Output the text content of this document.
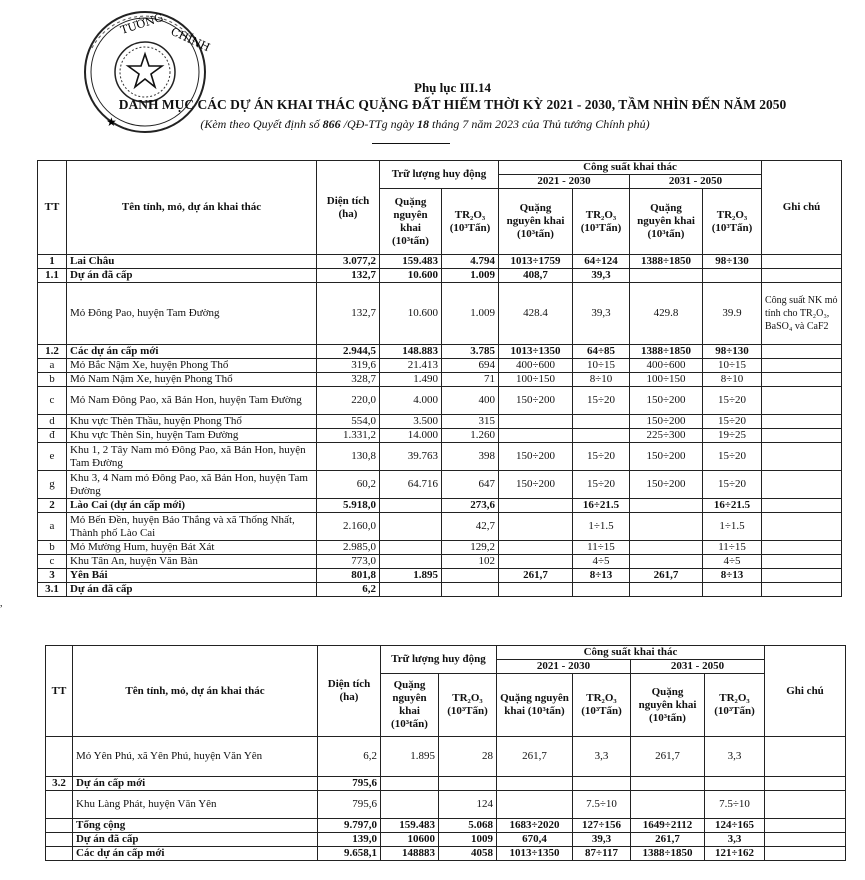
TƯỚNG
CHÍNH
★
Phụ lục III.14
DANH MỤC CÁC DỰ ÁN KHAI THÁC QUẶNG ĐẤT HIẾM THỜI KỲ 2021 - 2030, TẦM NHÌN ĐẾN NĂM 2050
(Kèm theo Quyết định số 866 /QĐ-TTg ngày 18 tháng 7 năm 2023 của Thủ tướng Chính phủ)
TT	Tên tỉnh, mỏ, dự án khai thác	Diện tích (ha)	Trữ lượng huy động		Công suất khai thác				Ghi chú
					2021 - 2030		2031 - 2050		
			Quặng nguyên khai (10³tấn)	TR₂O₃ (10³Tấn)	Quặng nguyên khai (10³tấn)	TR₂O₃ (10³Tấn)	Quặng nguyên khai (10³tấn)	TR₂O₃ (10³Tấn)	
1	Lai Châu	3.077,2	159.483	4.794	1013÷1759	64÷124	1388÷1850	98÷130	
1.1	Dự án đã cấp	132,7	10.600	1.009	408,7	39,3			
	Mỏ Đông Pao, huyện Tam Đường	132,7	10.600	1.009	428.4	39,3	429.8	39.9	Công suất NK mỏ tính cho TR₂O₃, BaSO₄ và CaF2
1.2	Các dự án cấp mới	2.944,5	148.883	3.785	1013÷1350	64÷85	1388÷1850	98÷130	
a	Mỏ Bắc Nậm Xe, huyện Phong Thổ	319,6	21.413	694	400÷600	10÷15	400÷600	10÷15	
b	Mỏ Nam Nậm Xe, huyện Phong Thổ	328,7	1.490	71	100÷150	8÷10	100÷150	8÷10	
c	Mỏ Nam Đông Pao, xã Bản Hon, huyện Tam Đường	220,0	4.000	400	150÷200	15÷20	150÷200	15÷20	
d	Khu vực Thèn Thầu, huyện Phong Thổ	554,0	3.500	315			150÷200	15÷20	
đ	Khu vực Thèn Sin, huyện Tam Đường	1.331,2	14.000	1.260			225÷300	19÷25	
e	Khu 1, 2 Tây Nam mỏ Đông Pao, xã Bản Hon, huyện Tam Đường	130,8	39.763	398	150÷200	15÷20	150÷200	15÷20	
g	Khu 3, 4 Nam mỏ Đông Pao, xã Bản Hon, huyện Tam Đường	60,2	64.716	647	150÷200	15÷20	150÷200	15÷20	
2	Lào Cai (dự án cấp mới)	5.918,0		273,6		16÷21.5		16÷21.5	
a	Mỏ Bến Đền, huyện Bảo Thắng và xã Thống Nhất, Thành phố Lào Cai	2.160,0		42,7		1÷1.5		1÷1.5	
b	Mỏ Mường Hum, huyện Bát Xát	2.985,0		129,2		11÷15		11÷15	
c	Khu Tân An, huyện Văn Bàn	773,0		102		4÷5		4÷5	
3	Yên Bái	801,8	1.895		261,7	8÷13	261,7	8÷13	
3.1	Dự án đã cấp	6,2							
,
TT	Tên tỉnh, mỏ, dự án khai thác	Diện tích (ha)	Trữ lượng huy động		Công suất khai thác				Ghi chú
					2021 - 2030		2031 - 2050		
			Quặng nguyên khai (10³tấn)	TR₂O₃ (10³Tấn)	Quặng nguyên khai (10³tấn)	TR₂O₃ (10³Tấn)	Quặng nguyên khai (10³tấn)	TR₂O₃ (10³Tấn)	
	Mỏ Yên Phú, xã Yên Phú, huyện Văn Yên	6,2	1.895	28	261,7	3,3	261,7	3,3	
3.2	Dự án cấp mới	795,6							
	Khu Làng Phát, huyện Văn Yên	795,6		124		7.5÷10		7.5÷10	
	Tổng cộng	9.797,0	159.483	5.068	1683÷2020	127÷156	1649÷2112	124÷165	
	Dự án đã cấp	139,0	10600	1009	670,4	39,3	261,7	3,3	
	Các dự án cấp mới	9.658,1	148883	4058	1013÷1350	87÷117	1388÷1850	121÷162	
